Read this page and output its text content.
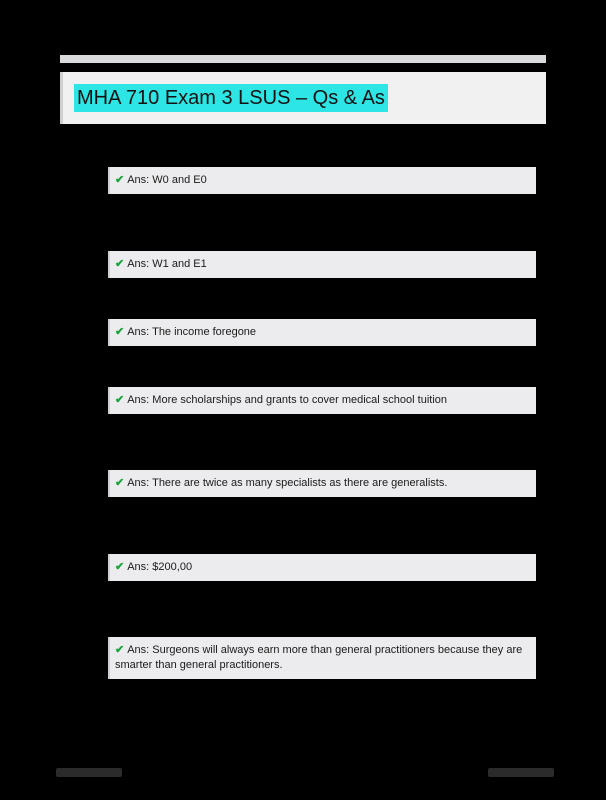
MHA 710 Exam 3 LSUS – Qs & As
✔ Ans: W0 and E0
✔ Ans: W1 and E1
✔ Ans: The income foregone
✔ Ans: More scholarships and grants to cover medical school tuition
✔ Ans: There are twice as many specialists as there are generalists.
✔ Ans: $200,00
✔ Ans: Surgeons will always earn more than general practitioners because they are smarter than general practitioners.
